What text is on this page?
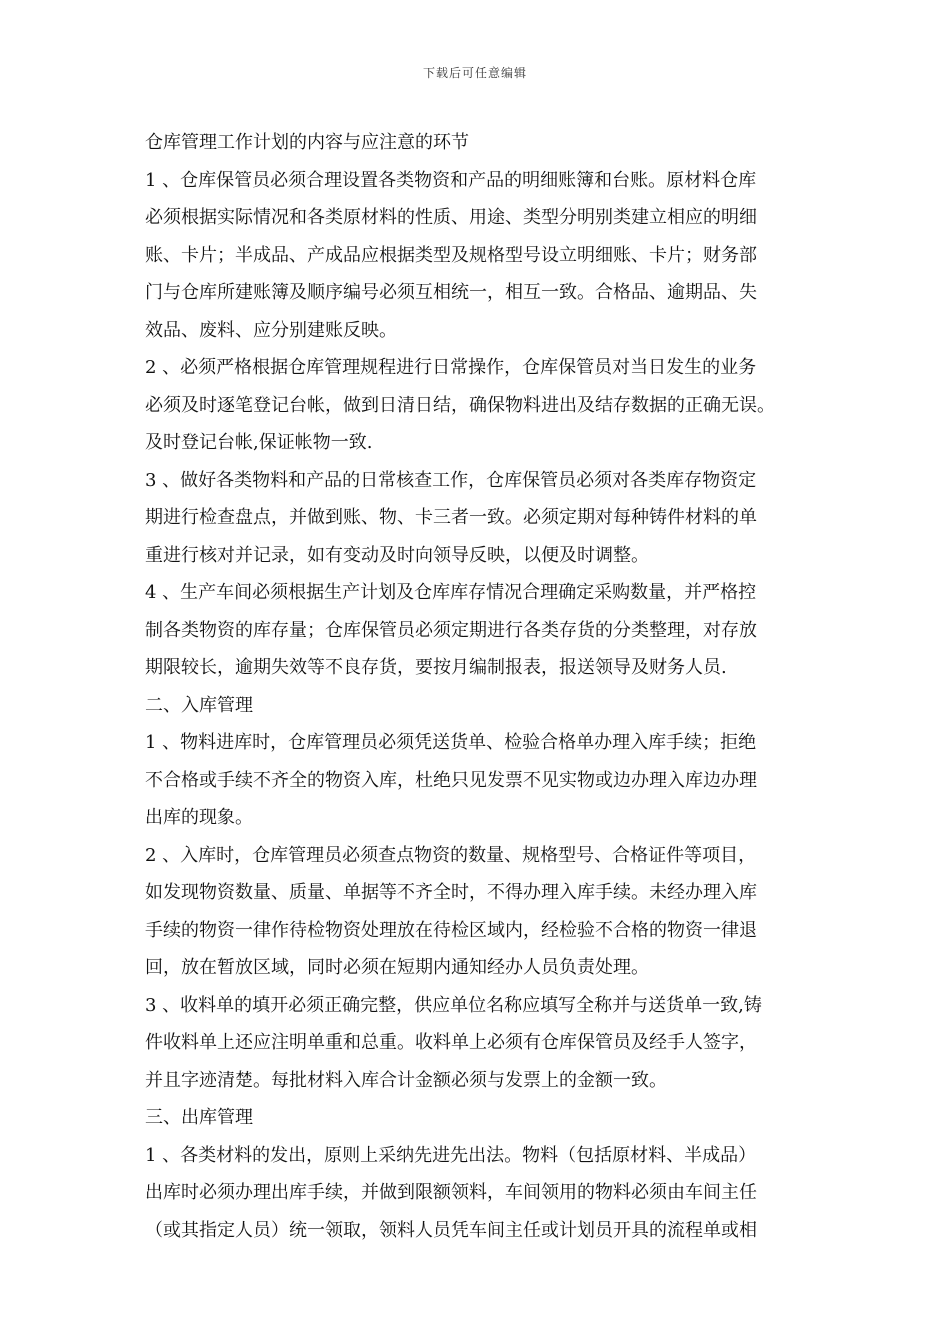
下载后可任意编辑
仓库管理工作计划的内容与应注意的环节
1 、仓库保管员必须合理设置各类物资和产品的明细账簿和台账。原材料仓库
必须根据实际情况和各类原材料的性质、用途、类型分明别类建立相应的明细
账、卡片；半成品、产成品应根据类型及规格型号设立明细账、卡片；财务部
门与仓库所建账簿及顺序编号必须互相统一，相互一致。合格品、逾期品、失
效品、废料、应分别建账反映。
2 、必须严格根据仓库管理规程进行日常操作，仓库保管员对当日发生的业务
必须及时逐笔登记台帐，做到日清日结，确保物料进出及结存数据的正确无误。
及时登记台帐,保证帐物一致.
3 、做好各类物料和产品的日常核查工作，仓库保管员必须对各类库存物资定
期进行检查盘点，并做到账、物、卡三者一致。必须定期对每种铸件材料的单
重进行核对并记录，如有变动及时向领导反映，以便及时调整。
4 、生产车间必须根据生产计划及仓库库存情况合理确定采购数量，并严格控
制各类物资的库存量；仓库保管员必须定期进行各类存货的分类整理，对存放
期限较长，逾期失效等不良存货，要按月编制报表，报送领导及财务人员.
二、入库管理
1 、物料进库时，仓库管理员必须凭送货单、检验合格单办理入库手续；拒绝
不合格或手续不齐全的物资入库，杜绝只见发票不见实物或边办理入库边办理
出库的现象。
2 、入库时，仓库管理员必须查点物资的数量、规格型号、合格证件等项目，
如发现物资数量、质量、单据等不齐全时，不得办理入库手续。未经办理入库
手续的物资一律作待检物资处理放在待检区域内，经检验不合格的物资一律退
回，放在暂放区域，同时必须在短期内通知经办人员负责处理。
3 、收料单的填开必须正确完整，供应单位名称应填写全称并与送货单一致,铸
件收料单上还应注明单重和总重。收料单上必须有仓库保管员及经手人签字，
并且字迹清楚。每批材料入库合计金额必须与发票上的金额一致。
三、出库管理
1 、各类材料的发出，原则上采纳先进先出法。物料（包括原材料、半成品）
出库时必须办理出库手续，并做到限额领料，车间领用的物料必须由车间主任
（或其指定人员）统一领取，领料人员凭车间主任或计划员开具的流程单或相
